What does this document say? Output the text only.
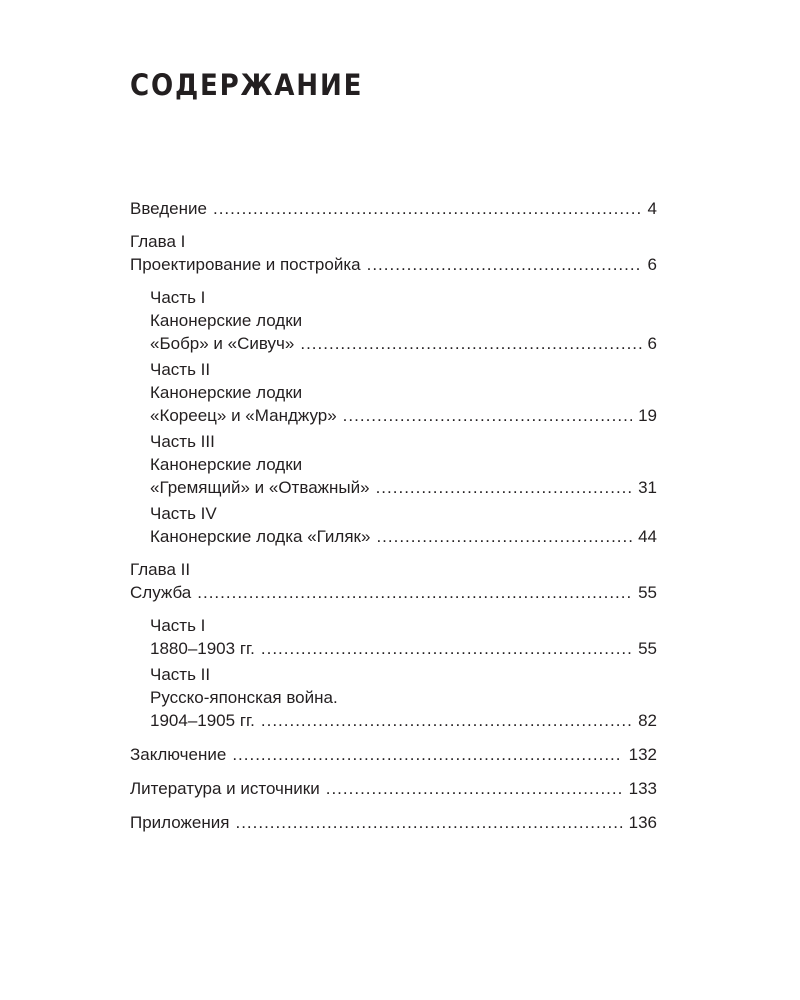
СОДЕРЖАНИЕ
Введение .....	4
Глава I
Проектирование и постройка .....	6
Часть I
Канонерские лодки
«Бобр» и «Сивуч» .....	6
Часть II
Канонерские лодки
«Кореец» и «Манджур» .....	19
Часть III
Канонерские лодки
«Гремящий» и «Отважный» .....	31
Часть IV
Канонерские лодка «Гиляк» .....	44
Глава II
Служба .....	55
Часть I
1880–1903 гг. .....	55
Часть II
Русско-японская война.
1904–1905 гг. .....	82
Заключение .....	132
Литература и источники .....	133
Приложения .....	136
